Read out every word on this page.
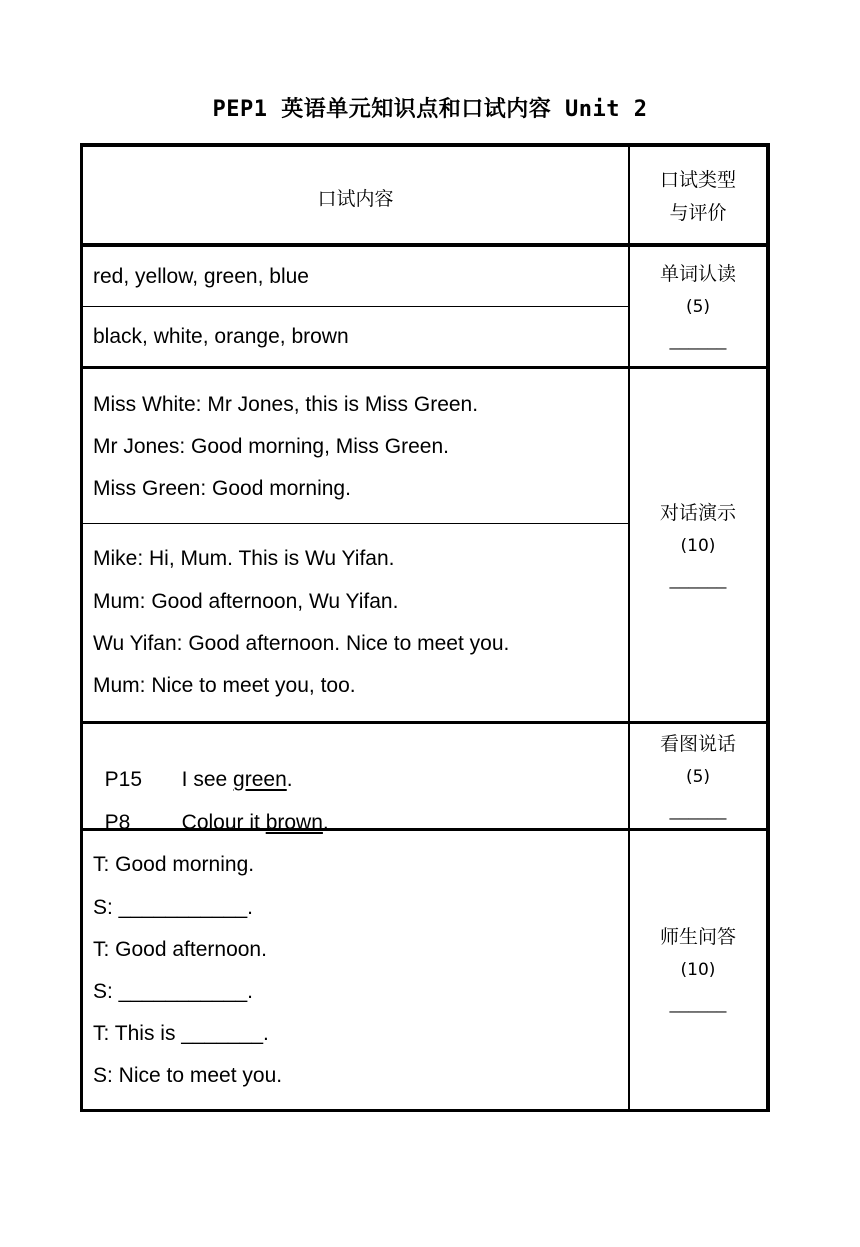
PEP1 英语单元知识点和口试内容 Unit 2
口试内容
口试类型
与评价
red, yellow, green, blue
black, white, orange, brown
单词认读
(5)
______
Miss White: Mr Jones, this is Miss Green.
Mr Jones: Good morning, Miss Green.
Miss Green: Good morning.
Mike: Hi, Mum. This is Wu Yifan.
Mum: Good afternoon, Wu Yifan.
Wu Yifan: Good afternoon. Nice to meet you.
Mum: Nice to meet you, too.
对话演示
(10)
______

P15 I see green.

P8 Colour it brown.

看图说话
(5)
______
T: Good morning.
S: ___________.
T: Good afternoon.
S: ___________.
T: This is _______.
S: Nice to meet you.
师生问答
(10)
______
